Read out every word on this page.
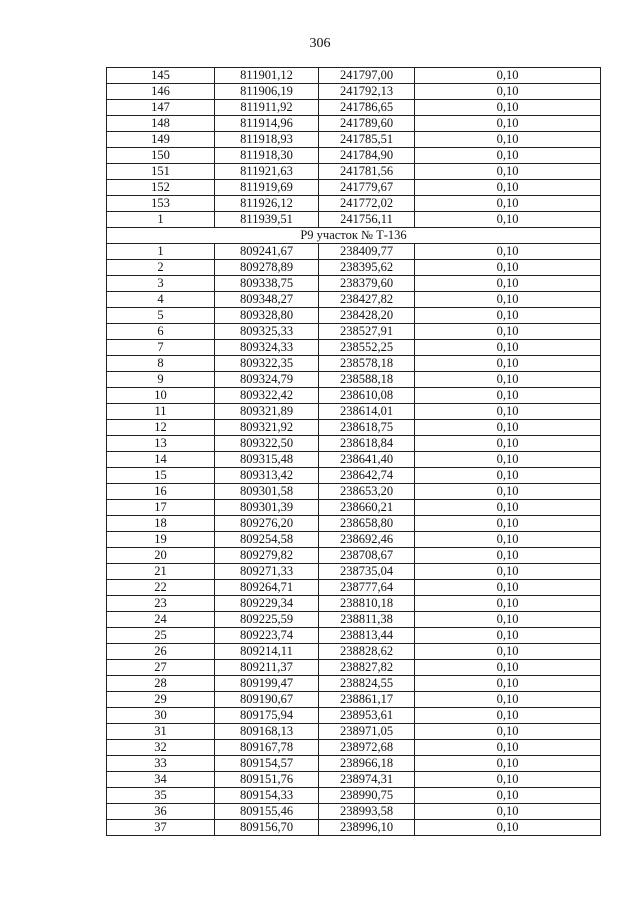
306
145	811901,12	241797,00	0,10
146	811906,19	241792,13	0,10
147	811911,92	241786,65	0,10
148	811914,96	241789,60	0,10
149	811918,93	241785,51	0,10
150	811918,30	241784,90	0,10
151	811921,63	241781,56	0,10
152	811919,69	241779,67	0,10
153	811926,12	241772,02	0,10
1	811939,51	241756,11	0,10
Р9 участок № Т-136			
1	809241,67	238409,77	0,10
2	809278,89	238395,62	0,10
3	809338,75	238379,60	0,10
4	809348,27	238427,82	0,10
5	809328,80	238428,20	0,10
6	809325,33	238527,91	0,10
7	809324,33	238552,25	0,10
8	809322,35	238578,18	0,10
9	809324,79	238588,18	0,10
10	809322,42	238610,08	0,10
11	809321,89	238614,01	0,10
12	809321,92	238618,75	0,10
13	809322,50	238618,84	0,10
14	809315,48	238641,40	0,10
15	809313,42	238642,74	0,10
16	809301,58	238653,20	0,10
17	809301,39	238660,21	0,10
18	809276,20	238658,80	0,10
19	809254,58	238692,46	0,10
20	809279,82	238708,67	0,10
21	809271,33	238735,04	0,10
22	809264,71	238777,64	0,10
23	809229,34	238810,18	0,10
24	809225,59	238811,38	0,10
25	809223,74	238813,44	0,10
26	809214,11	238828,62	0,10
27	809211,37	238827,82	0,10
28	809199,47	238824,55	0,10
29	809190,67	238861,17	0,10
30	809175,94	238953,61	0,10
31	809168,13	238971,05	0,10
32	809167,78	238972,68	0,10
33	809154,57	238966,18	0,10
34	809151,76	238974,31	0,10
35	809154,33	238990,75	0,10
36	809155,46	238993,58	0,10
37	809156,70	238996,10	0,10
